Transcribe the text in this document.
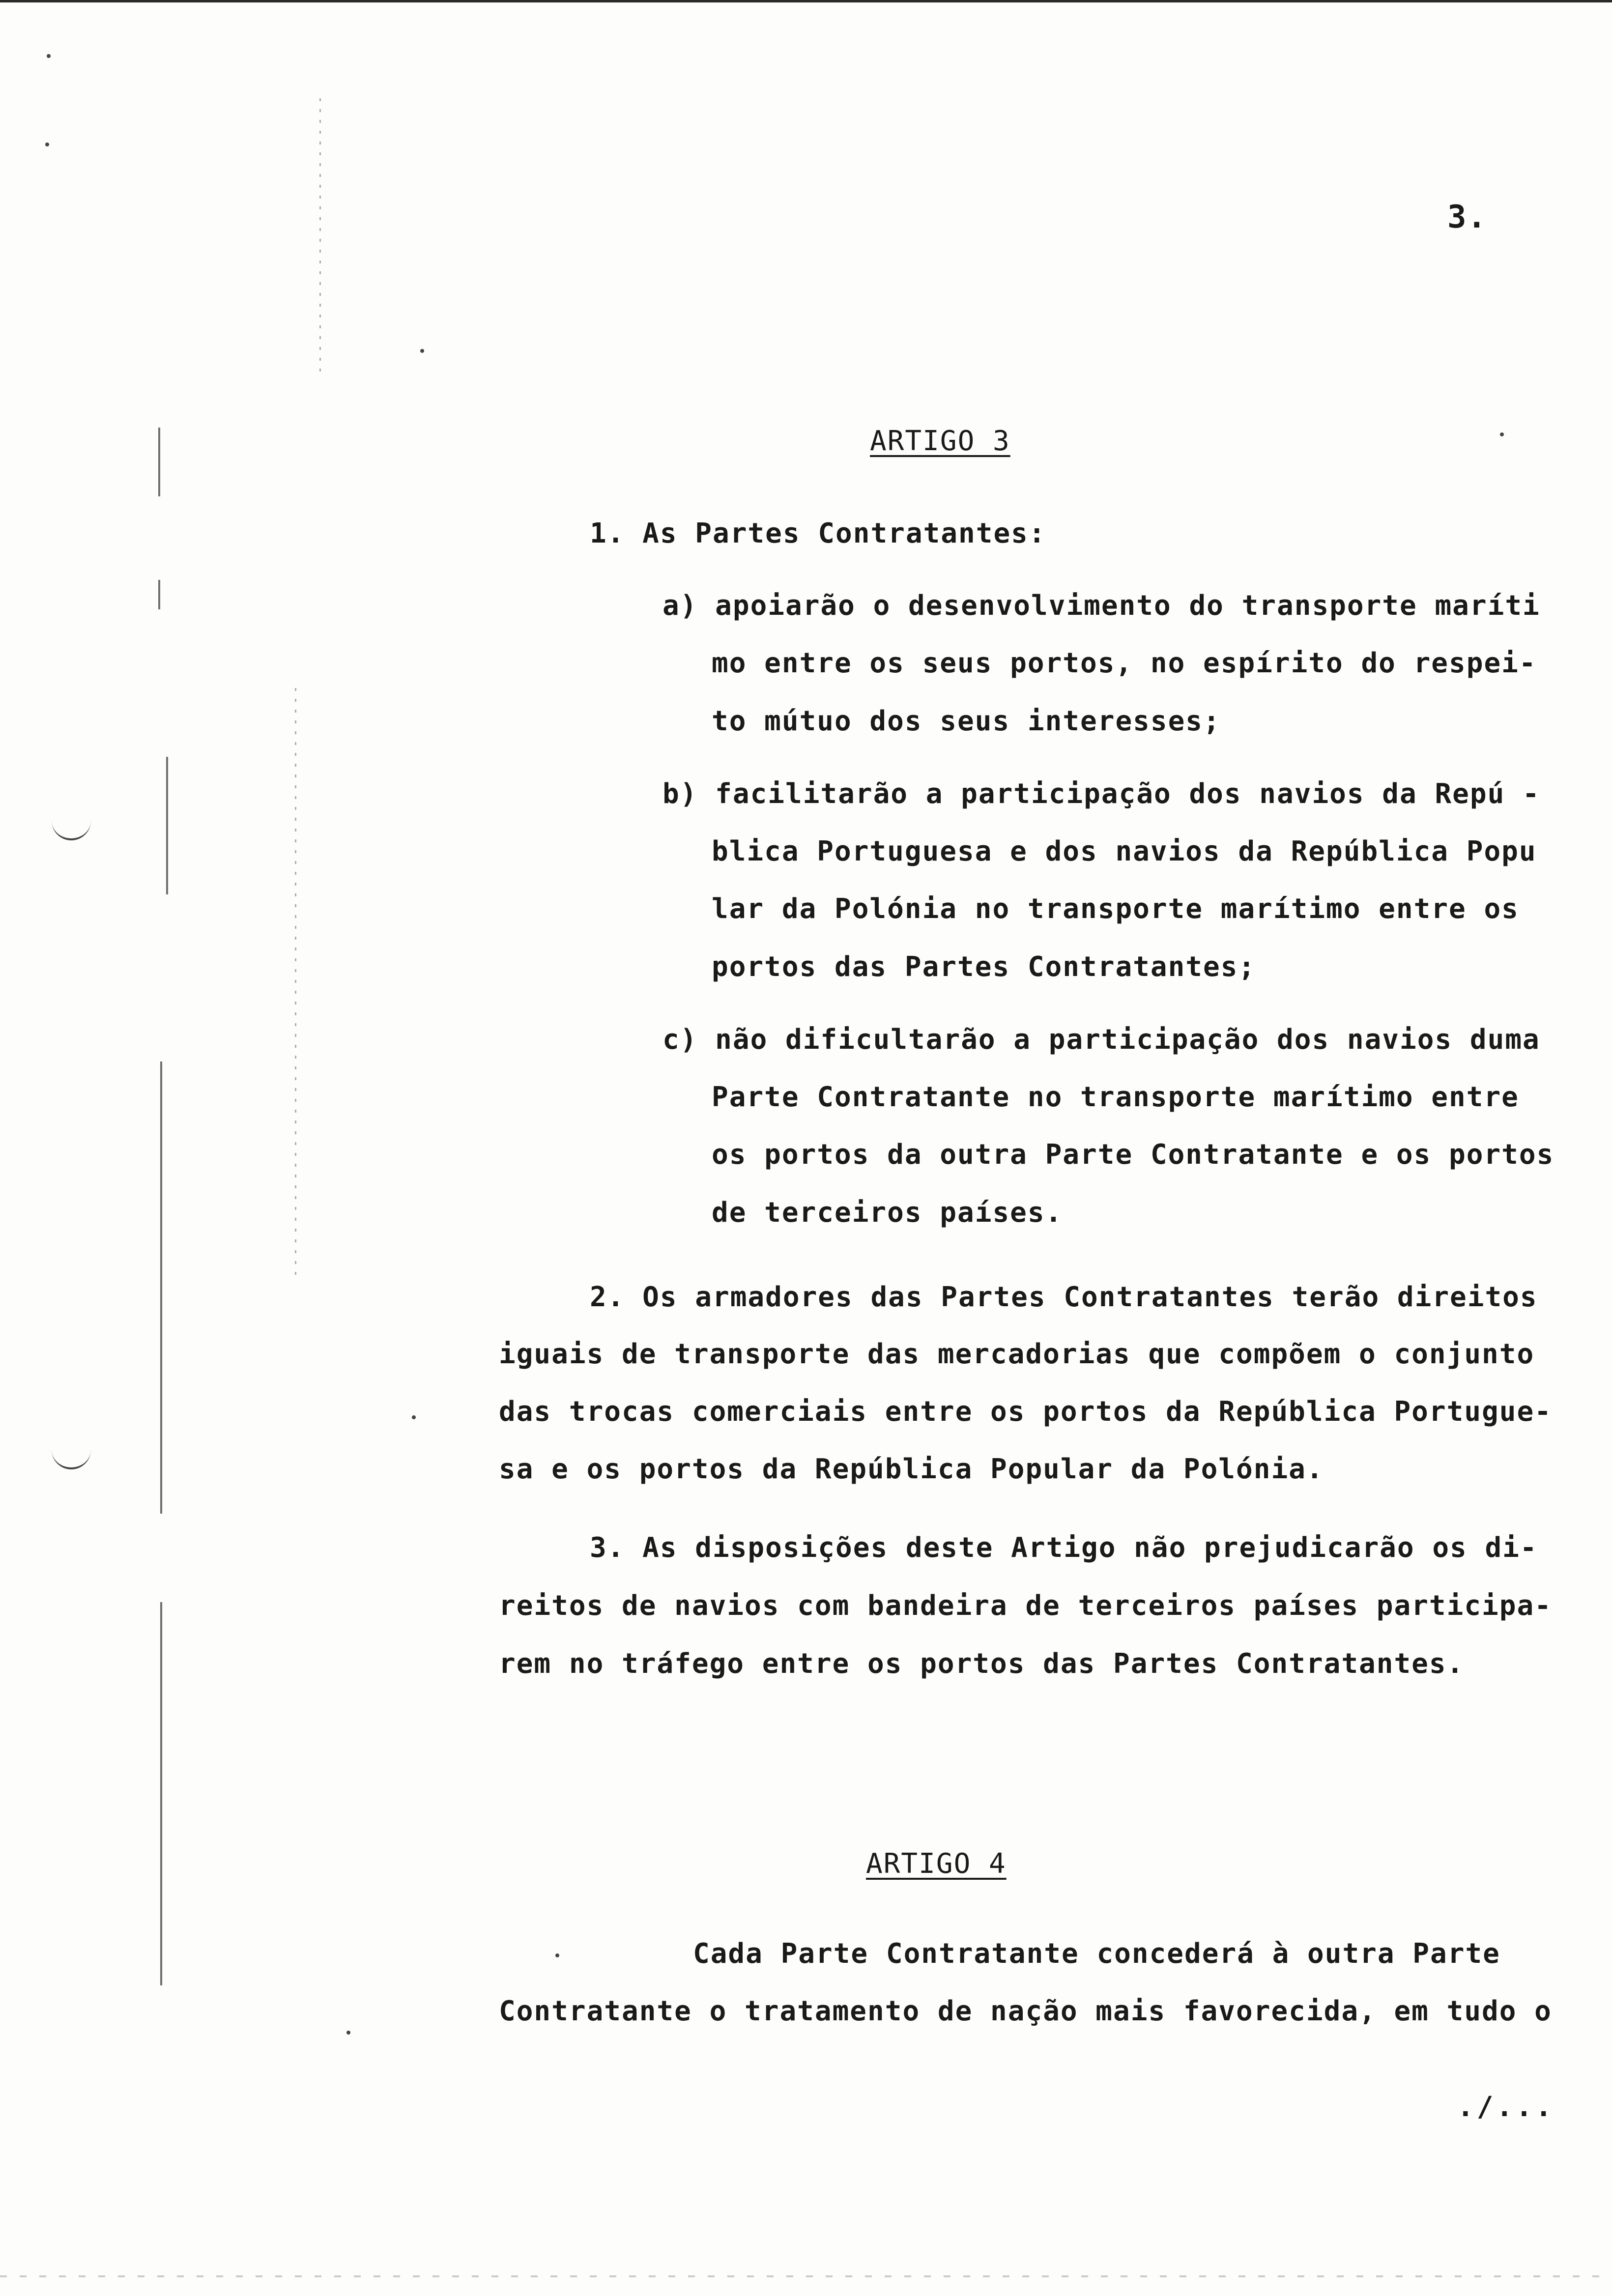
3.
ARTIGO 3
1. As Partes Contratantes:
a) apoiarão o desenvolvimento do transporte maríti
mo entre os seus portos, no espírito do respei-
to mútuo dos seus interesses;
b) facilitarão a participação dos navios da Repú -
blica Portuguesa e dos navios da República Popu
lar da Polónia no transporte marítimo entre os
portos das Partes Contratantes;
c) não dificultarão a participação dos navios duma
Parte Contratante no transporte marítimo entre
os portos da outra Parte Contratante e os portos
de terceiros países.
2. Os armadores das Partes Contratantes terão direitos
iguais de transporte das mercadorias que compõem o conjunto
das trocas comerciais entre os portos da República Portugue-
sa e os portos da República Popular da Polónia.
3. As disposições deste Artigo não prejudicarão os di-
reitos de navios com bandeira de terceiros países participa-
rem no tráfego entre os portos das Partes Contratantes.
ARTIGO 4
Cada Parte Contratante concederá à outra Parte
Contratante o tratamento de nação mais favorecida, em tudo o
./...
